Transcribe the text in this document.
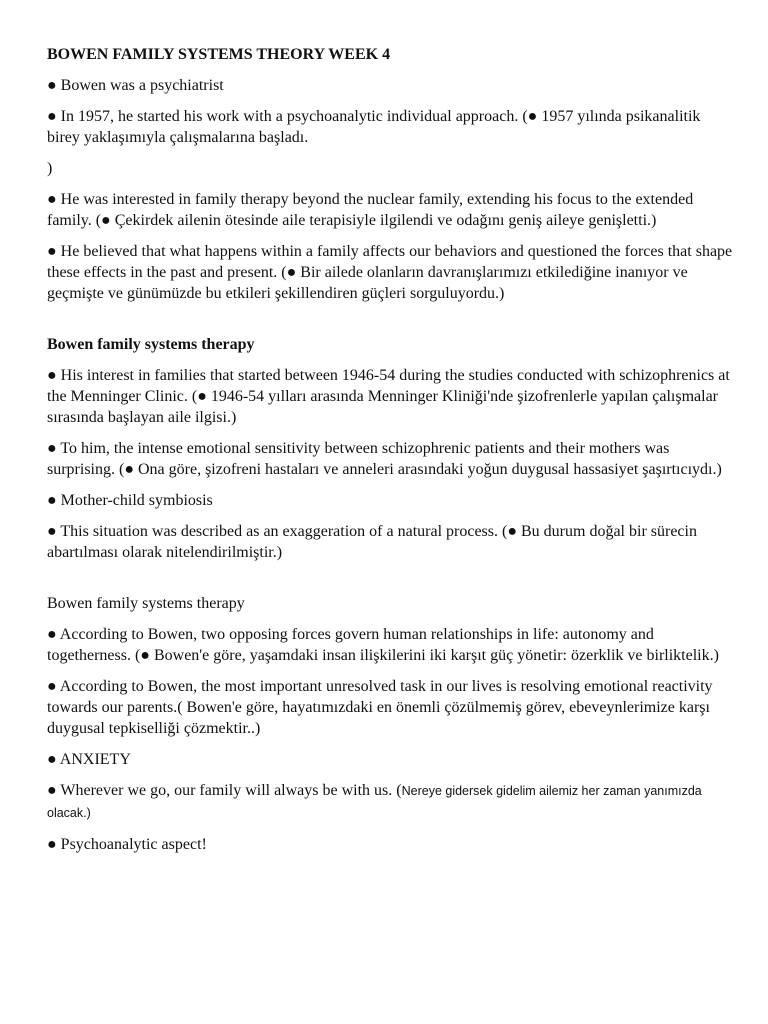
BOWEN FAMILY SYSTEMS THEORY WEEK 4

● Bowen was a psychiatrist

● In 1957, he started his work with a psychoanalytic individual approach. (● 1957 yılında psikanalitik birey yaklaşımıyla çalışmalarına başladı.

)

● He was interested in family therapy beyond the nuclear family, extending his focus to the extended family. (● Çekirdek ailenin ötesinde aile terapisiyle ilgilendi ve odağını geniş aileye genişletti.)

● He believed that what happens within a family affects our behaviors and questioned the forces that shape these effects in the past and present. (● Bir ailede olanların davranışlarımızı etkilediğine inanıyor ve geçmişte ve günümüzde bu etkileri şekillendiren güçleri sorguluyordu.)

Bowen family systems therapy

● His interest in families that started between 1946-54 during the studies conducted with schizophrenics at the Menninger Clinic. (● 1946-54 yılları arasında Menninger Kliniği'nde şizofrenlerle yapılan çalışmalar sırasında başlayan aile ilgisi.)

● To him, the intense emotional sensitivity between schizophrenic patients and their mothers was surprising. (● Ona göre, şizofreni hastaları ve anneleri arasındaki yoğun duygusal hassasiyet şaşırtıcıydı.)

● Mother-child symbiosis

● This situation was described as an exaggeration of a natural process. (● Bu durum doğal bir sürecin abartılması olarak nitelendirilmiştir.)

Bowen family systems therapy

● According to Bowen, two opposing forces govern human relationships in life: autonomy and togetherness. (● Bowen'e göre, yaşamdaki insan ilişkilerini iki karşıt güç yönetir: özerklik ve birliktelik.)

● According to Bowen, the most important unresolved task in our lives is resolving emotional reactivity towards our parents.( Bowen'e göre, hayatımızdaki en önemli çözülmemiş görev, ebeveynlerimize karşı duygusal tepkiselliği çözmektir..)

● ANXIETY

● Wherever we go, our family will always be with us. (Nereye gidersek gidelim ailemiz her zaman yanımızda olacak.)

● Psychoanalytic aspect!
